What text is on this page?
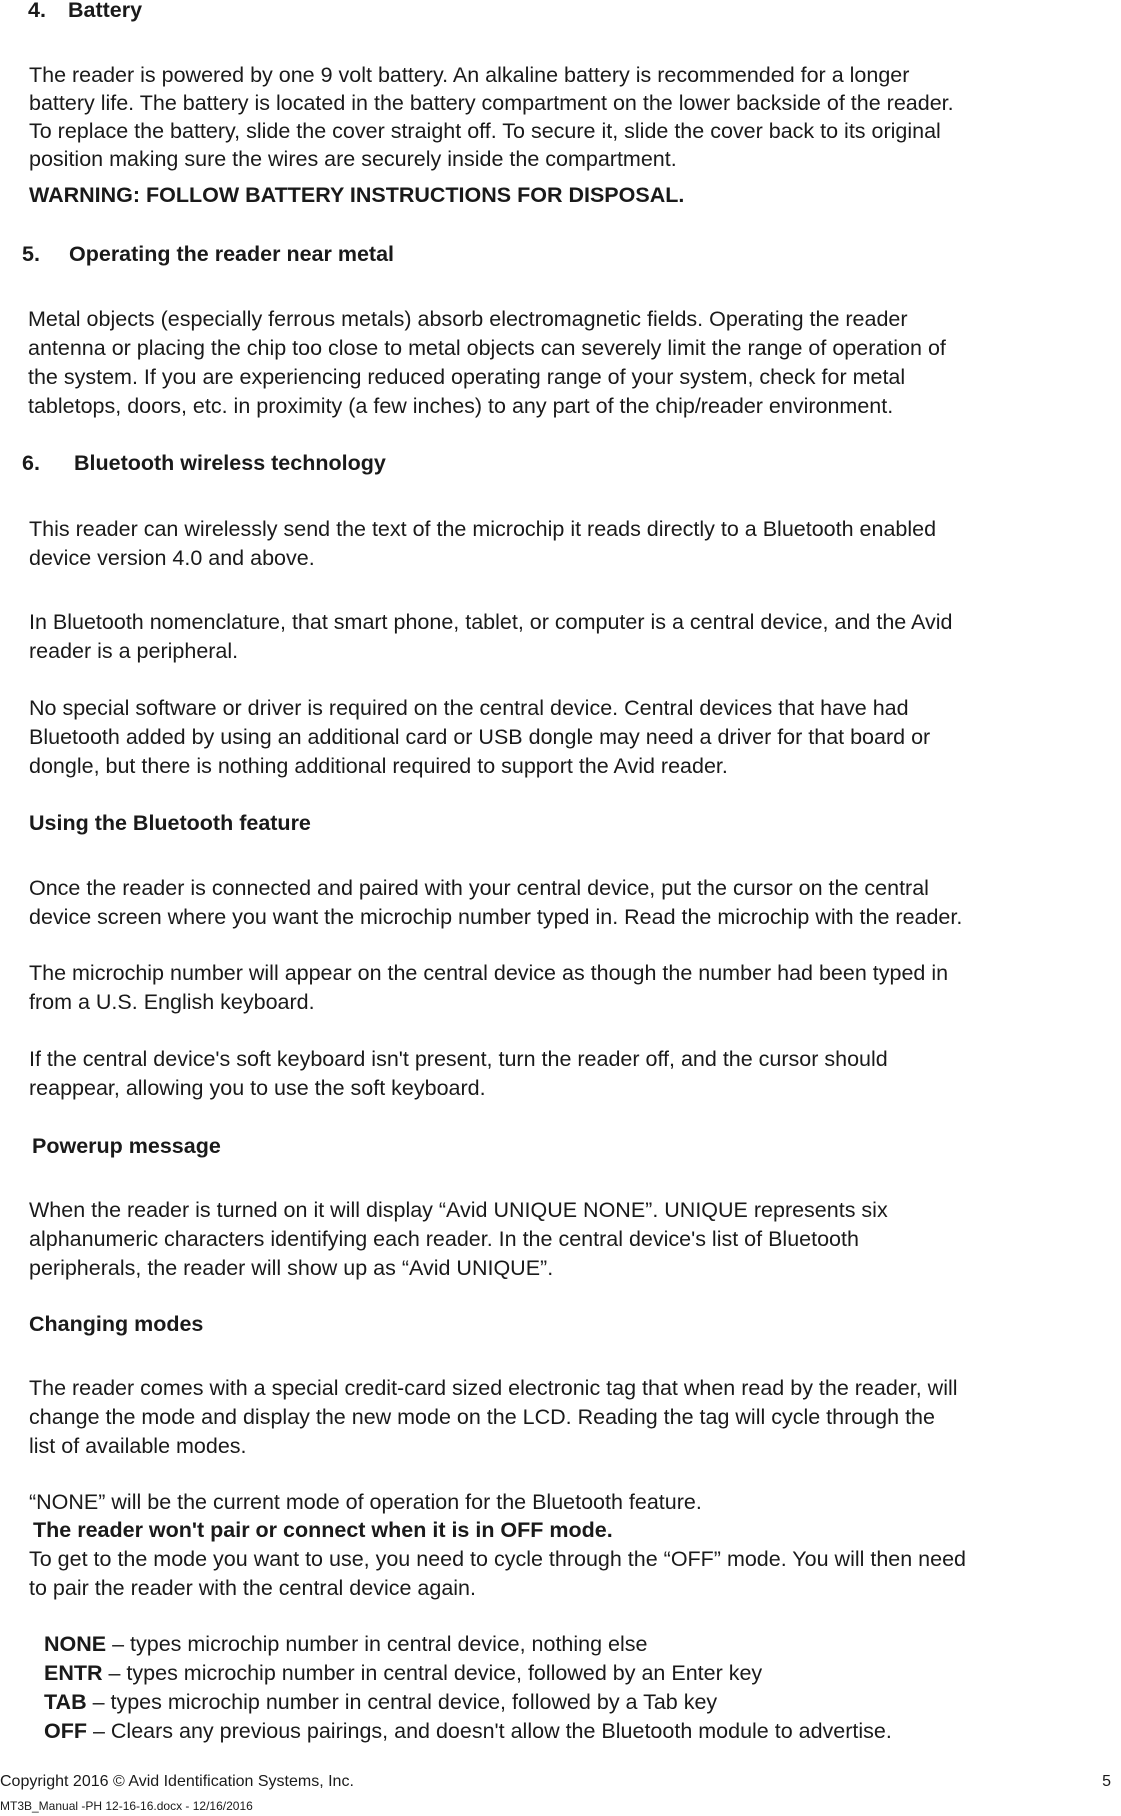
4. Battery

The reader is powered by one 9 volt battery. An alkaline battery is recommended for a longer

battery life. The battery is located in the battery compartment on the lower backside of the reader.

To replace the battery, slide the cover straight off. To secure it, slide the cover back to its original

position making sure the wires are securely inside the compartment.

WARNING: FOLLOW BATTERY INSTRUCTIONS FOR DISPOSAL.

5. Operating the reader near metal

Metal objects (especially ferrous metals) absorb electromagnetic fields. Operating the reader

antenna or placing the chip too close to metal objects can severely limit the range of operation of

the system. If you are experiencing reduced operating range of your system, check for metal

tabletops, doors, etc. in proximity (a few inches) to any part of the chip/reader environment.

6. Bluetooth wireless technology

This reader can wirelessly send the text of the microchip it reads directly to a Bluetooth enabled

device version 4.0 and above.

In Bluetooth nomenclature, that smart phone, tablet, or computer is a central device, and the Avid

reader is a peripheral.

No special software or driver is required on the central device. Central devices that have had

Bluetooth added by using an additional card or USB dongle may need a driver for that board or

dongle, but there is nothing additional required to support the Avid reader.

Using the Bluetooth feature

Once the reader is connected and paired with your central device, put the cursor on the central

device screen where you want the microchip number typed in. Read the microchip with the reader.

The microchip number will appear on the central device as though the number had been typed in

from a U.S. English keyboard.

If the central device's soft keyboard isn't present, turn the reader off, and the cursor should

reappear, allowing you to use the soft keyboard.

Powerup message

When the reader is turned on it will display “Avid UNIQUE NONE”. UNIQUE represents six

alphanumeric characters identifying each reader. In the central device's list of Bluetooth

peripherals, the reader will show up as “Avid UNIQUE”.

Changing modes

The reader comes with a special credit-card sized electronic tag that when read by the reader, will

change the mode and display the new mode on the LCD. Reading the tag will cycle through the

list of available modes.

“NONE” will be the current mode of operation for the Bluetooth feature.

The reader won't pair or connect when it is in OFF mode.

To get to the mode you want to use, you need to cycle through the “OFF” mode. You will then need

to pair the reader with the central device again.

NONE – types microchip number in central device, nothing else

ENTR – types microchip number in central device, followed by an Enter key

TAB – types microchip number in central device, followed by a Tab key

OFF – Clears any previous pairings, and doesn't allow the Bluetooth module to advertise.

Copyright 2016 © Avid Identification Systems, Inc.	5

MT3B_Manual -PH 12-16-16.docx - 12/16/2016
